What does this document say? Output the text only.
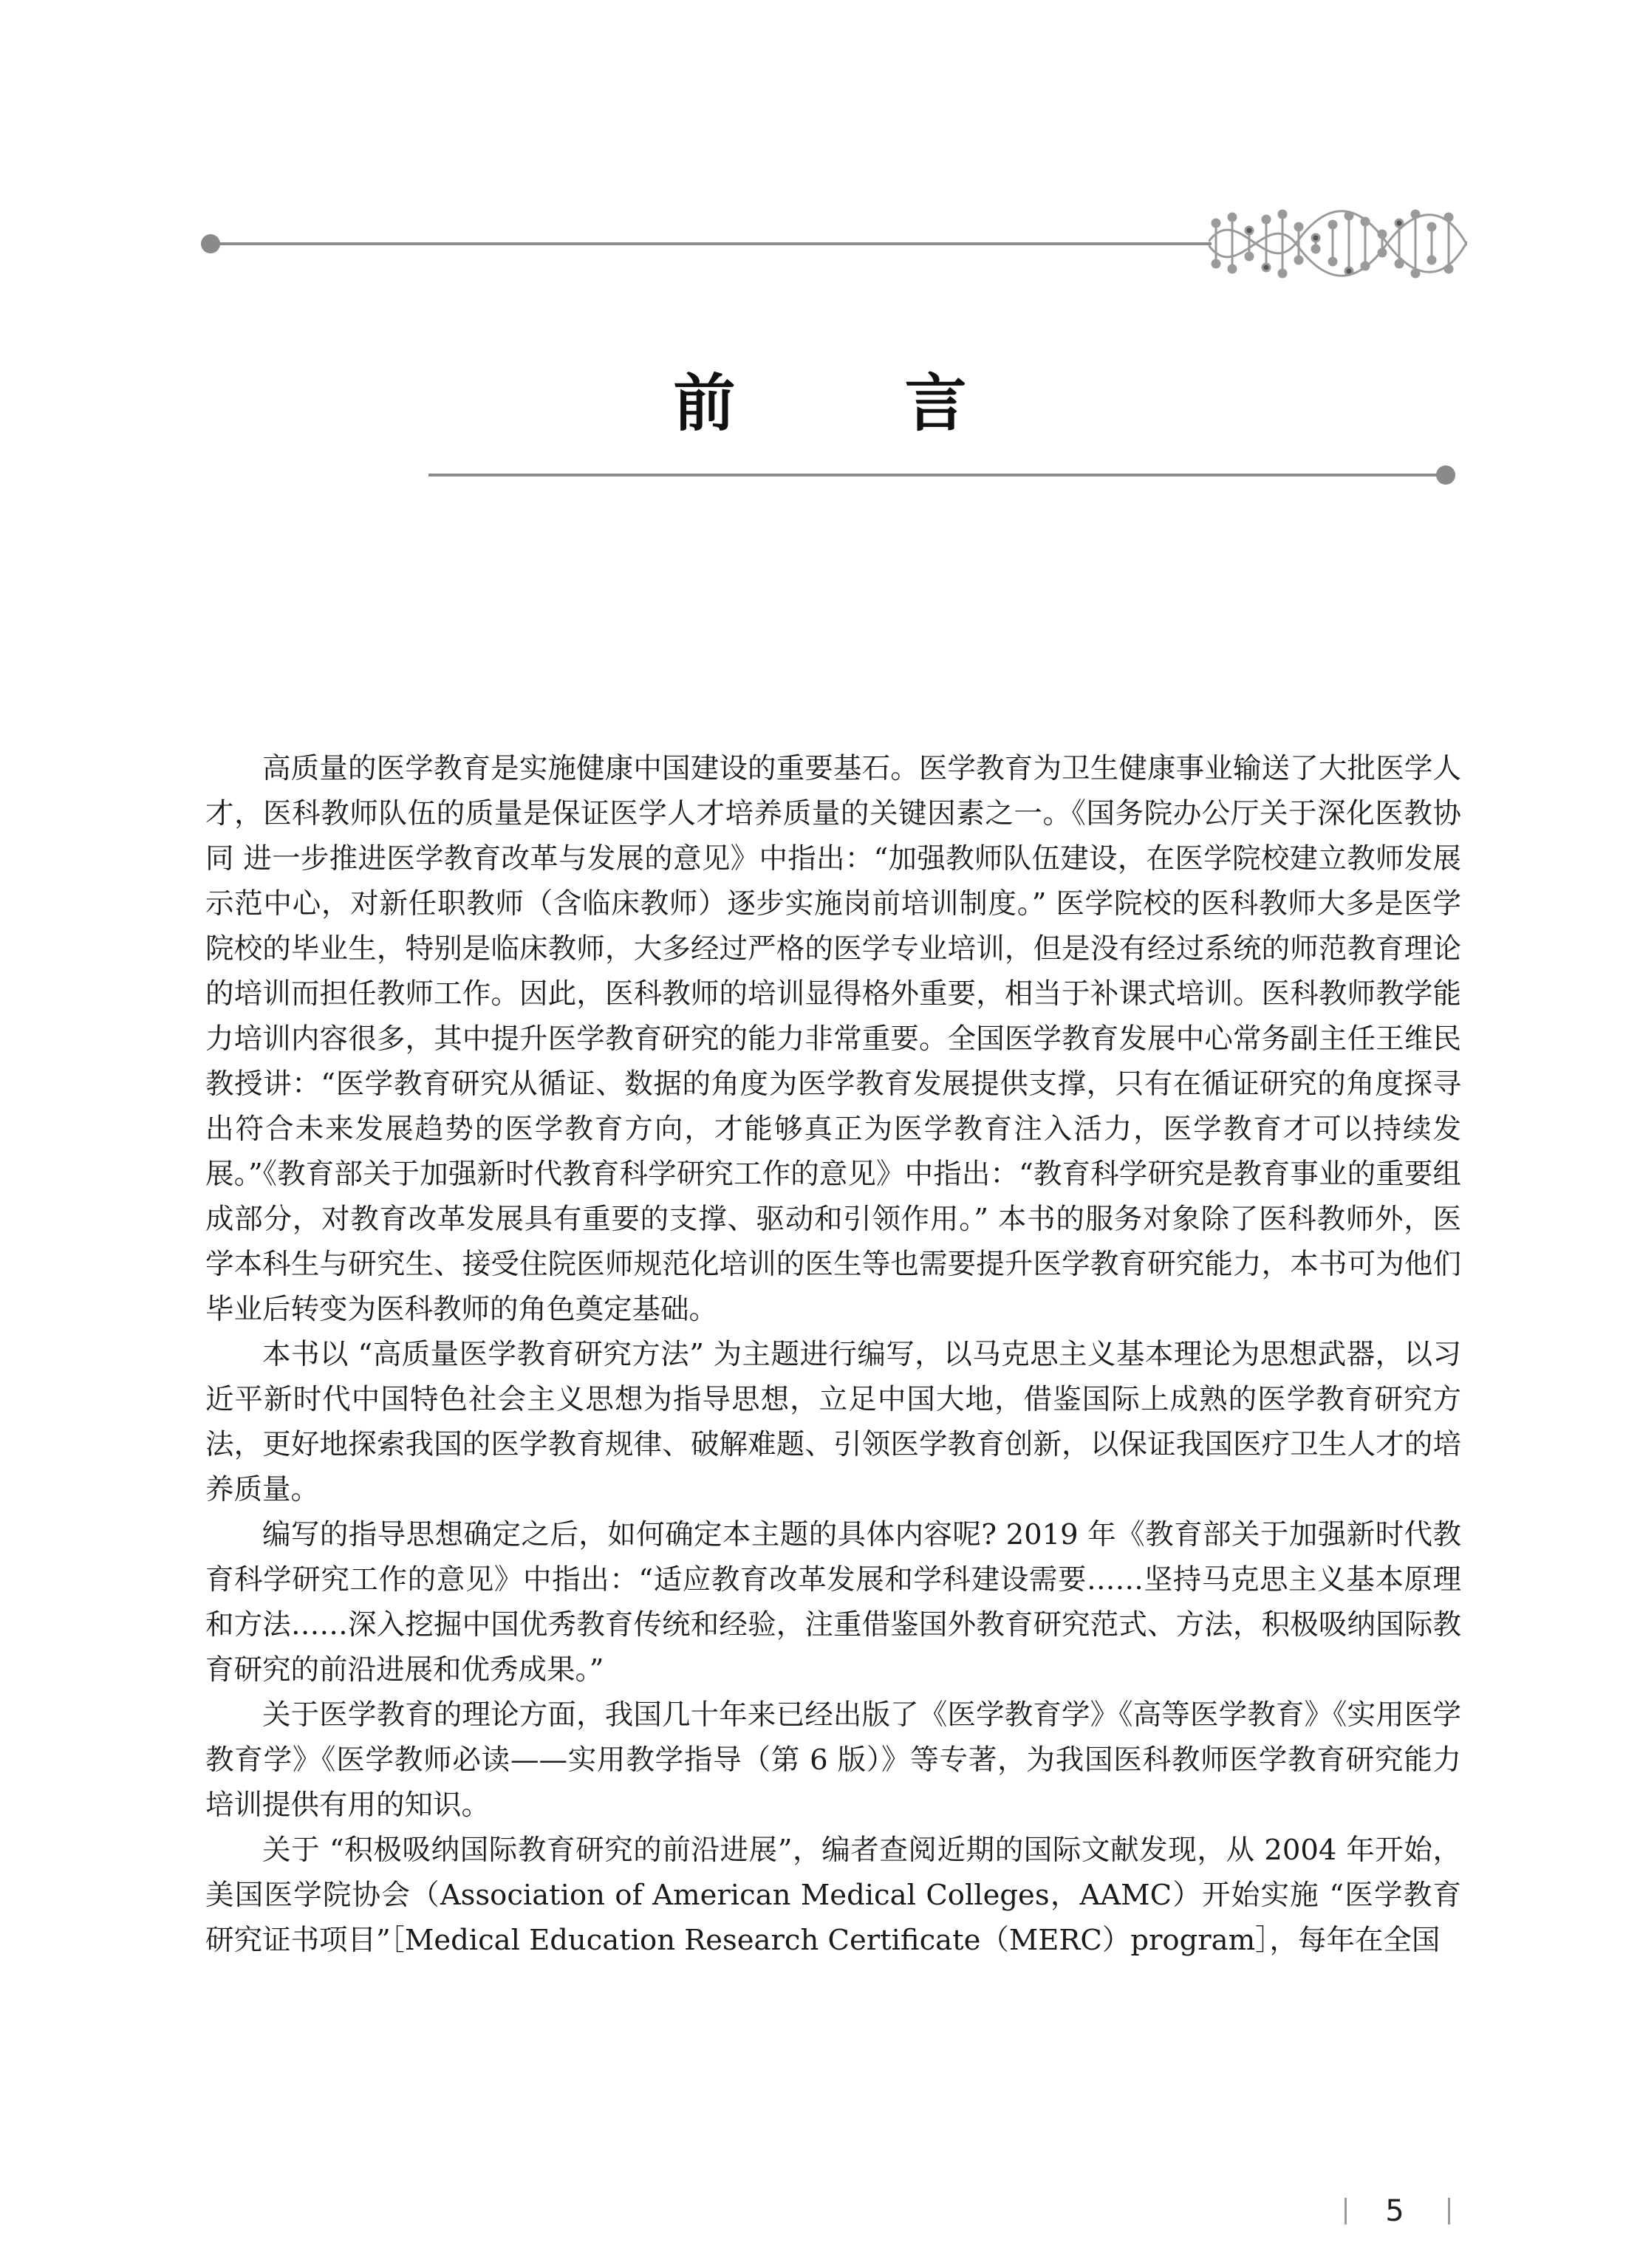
前 言

高质量的医学教育是实施健康中国建设的重要基石。医学教育为卫生健康事业输送了大批医学人才，医科教师队伍的质量是保证医学人才培养质量的关键因素之一。《国务院办公厅关于深化医教协同 进一步推进医学教育改革与发展的意见》中指出：“加强教师队伍建设，在医学院校建立教师发展示范中心，对新任职教师（含临床教师）逐步实施岗前培训制度。” 医学院校的医科教师大多是医学院校的毕业生，特别是临床教师，大多经过严格的医学专业培训，但是没有经过系统的师范教育理论的培训而担任教师工作。因此，医科教师的培训显得格外重要，相当于补课式培训。医科教师教学能力培训内容很多，其中提升医学教育研究的能力非常重要。全国医学教育发展中心常务副主任王维民教授讲：“医学教育研究从循证、数据的角度为医学教育发展提供支撑，只有在循证研究的角度探寻出符合未来发展趋势的医学教育方向，才能够真正为医学教育注入活力，医学教育才可以持续发展。”《教育部关于加强新时代教育科学研究工作的意见》中指出：“教育科学研究是教育事业的重要组成部分，对教育改革发展具有重要的支撑、驱动和引领作用。” 本书的服务对象除了医科教师外，医学本科生与研究生、接受住院医师规范化培训的医生等也需要提升医学教育研究能力，本书可为他们毕业后转变为医科教师的角色奠定基础。

本书以 “高质量医学教育研究方法” 为主题进行编写，以马克思主义基本理论为思想武器，以习近平新时代中国特色社会主义思想为指导思想，立足中国大地，借鉴国际上成熟的医学教育研究方法，更好地探索我国的医学教育规律、破解难题、引领医学教育创新，以保证我国医疗卫生人才的培养质量。

编写的指导思想确定之后，如何确定本主题的具体内容呢? 2019 年《教育部关于加强新时代教育科学研究工作的意见》中指出：“适应教育改革发展和学科建设需要……坚持马克思主义基本原理和方法……深入挖掘中国优秀教育传统和经验，注重借鉴国外教育研究范式、方法，积极吸纳国际教育研究的前沿进展和优秀成果。”

关于医学教育的理论方面，我国几十年来已经出版了《医学教育学》《高等医学教育》《实用医学教育学》《医学教师必读——实用教学指导（第 6 版）》等专著，为我国医科教师医学教育研究能力培训提供有用的知识。

关于 “积极吸纳国际教育研究的前沿进展”，编者查阅近期的国际文献发现，从 2004 年开始，美国医学院协会（Association of American Medical Colleges，AAMC）开始实施 “医学教育研究证书项目”［Medical Education Research Certificate（MERC）program］，每年在全国

5
